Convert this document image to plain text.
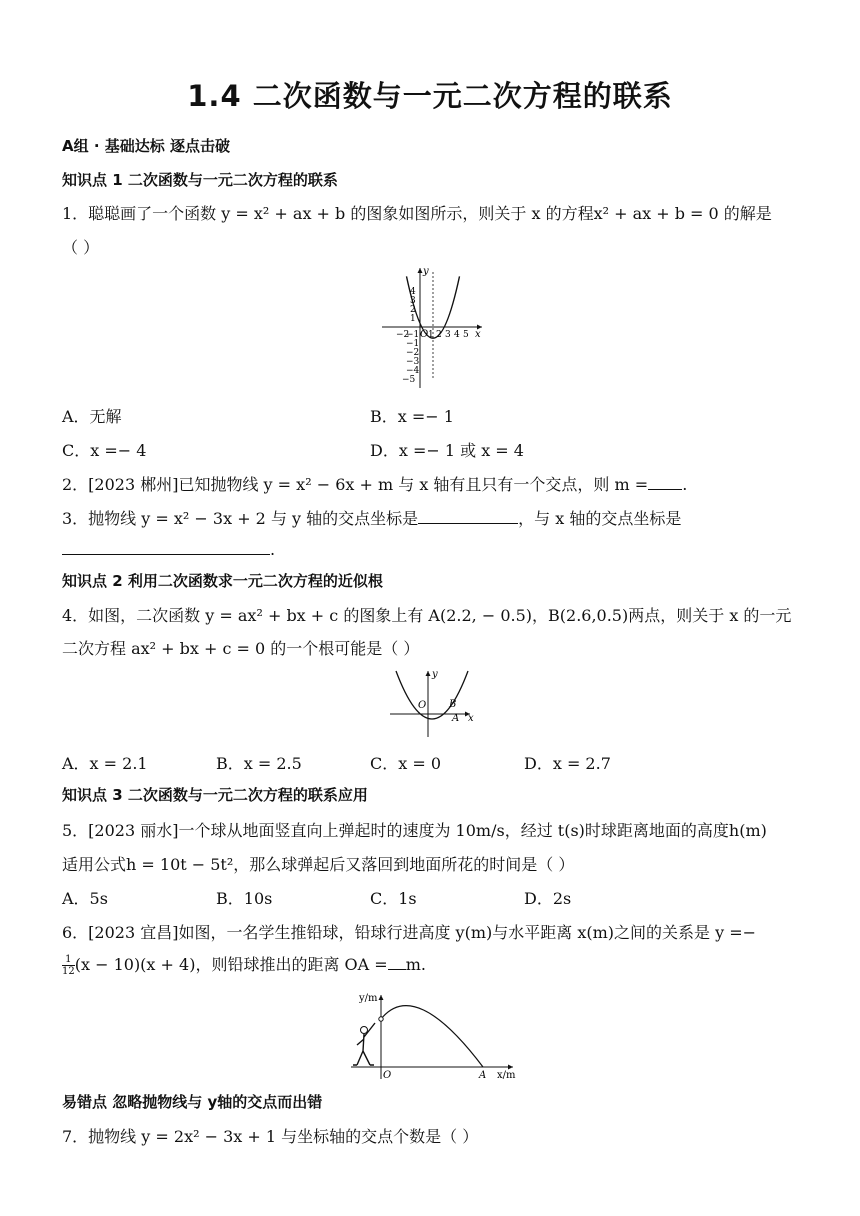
1.4 二次函数与一元二次方程的联系
A组 · 基础达标 逐点击破
知识点 1 二次函数与一元二次方程的联系
1．聪聪画了一个函数 y = x² + ax + b 的图象如图所示，则关于 x 的方程x² + ax + b = 0 的解是
（ ）
−2
−1 O 1 2 3 4 5 x
4
3
2
1
−1
−2
−3
−4
−5
y
A．无解	B．x =− 1
C．x =− 4	D．x =− 1 或 x = 4
2．[2023 郴州]已知抛物线 y = x² − 6x + m 与 x 轴有且只有一个交点，则 m = .
3．抛物线 y = x² − 3x + 2 与 y 轴的交点坐标是	，与 x 轴的交点坐标是
.
知识点 2 利用二次函数求一元二次方程的近似根
4．如图，二次函数 y = ax² + bx + c 的图象上有 A(2.2, − 0.5)，B(2.6,0.5)两点，则关于 x 的一元
二次方程 ax² + bx + c = 0 的一个根可能是（ ）
O B
A x
y
A．x = 2.1	B．x = 2.5	C．x = 0	D．x = 2.7
知识点 3 二次函数与一元二次方程的联系应用
5．[2023 丽水]一个球从地面竖直向上弹起时的速度为 10m/s，经过 t(s)时球距离地面的高度h(m)
适用公式h = 10t − 5t²，那么球弹起后又落回到地面所花的时间是（ ）
A．5s	B．10s	C．1s	D．2s
6．[2023 宜昌]如图，一名学生推铅球，铅球行进高度 y(m)与水平距离 x(m)之间的关系是 y =−
$\frac{1}{12} (x - 10)(x + 4)$，则铅球推出的距离 OA = m.
y/m
O	A x/m
易错点 忽略抛物线与 y轴的交点而出错
7．抛物线 y = 2x² − 3x + 1 与坐标轴的交点个数是（ ）
